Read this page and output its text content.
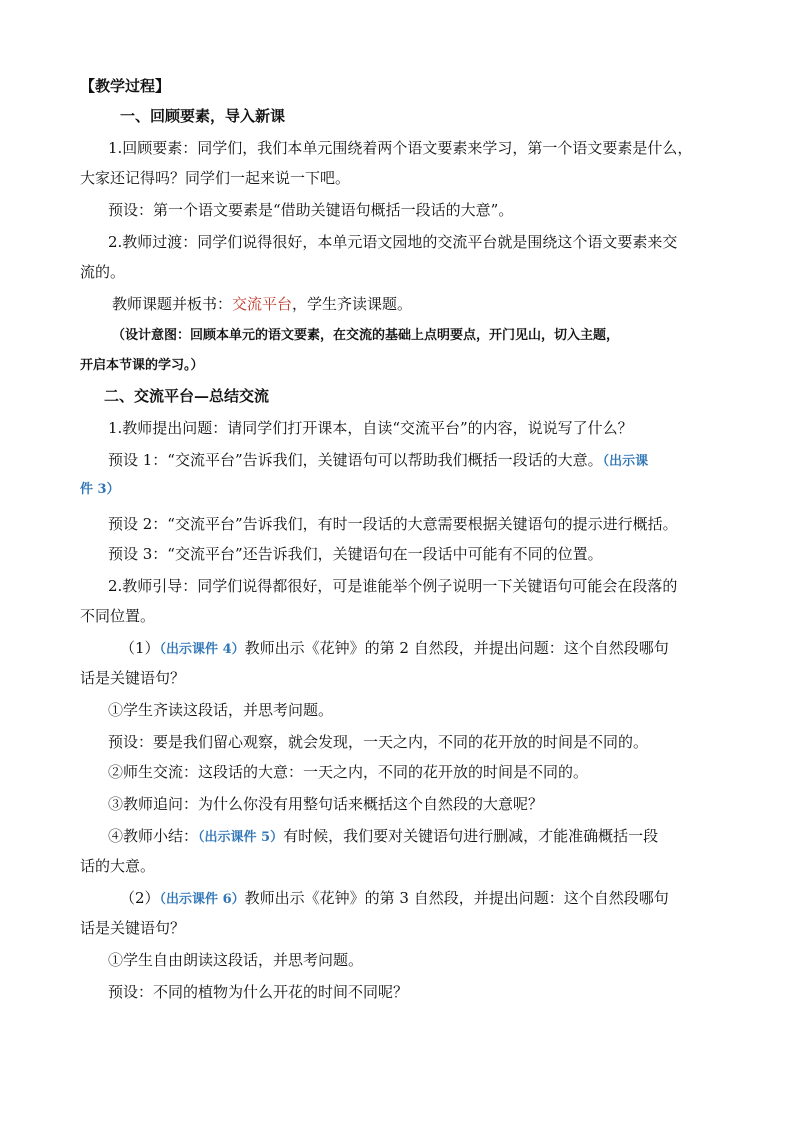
【教学过程】
一、回顾要素，导入新课
1.回顾要素：同学们，我们本单元围绕着两个语文要素来学习，第一个语文要素是什么，
大家还记得吗？同学们一起来说一下吧。
预设：第一个语文要素是“借助关键语句概括一段话的大意”。
2.教师过渡：同学们说得很好，本单元语文园地的交流平台就是围绕这个语文要素来交
流的。
教师课题并板书：交流平台，学生齐读课题。
（设计意图：回顾本单元的语文要素，在交流的基础上点明要点，开门见山，切入主题，
开启本节课的学习。）
二、交流平台—总结交流
1.教师提出问题：请同学们打开课本，自读“交流平台”的内容，说说写了什么？
预设 1：“交流平台”告诉我们，关键语句可以帮助我们概括一段话的大意。（出示课
件 3）
预设 2：“交流平台”告诉我们，有时一段话的大意需要根据关键语句的提示进行概括。
预设 3：“交流平台”还告诉我们，关键语句在一段话中可能有不同的位置。
2.教师引导：同学们说得都很好，可是谁能举个例子说明一下关键语句可能会在段落的
不同位置。
（1）（出示课件 4）教师出示《花钟》的第 2 自然段，并提出问题：这个自然段哪句
话是关键语句？
①学生齐读这段话，并思考问题。
预设：要是我们留心观察，就会发现，一天之内，不同的花开放的时间是不同的。
②师生交流：这段话的大意：一天之内，不同的花开放的时间是不同的。
③教师追问：为什么你没有用整句话来概括这个自然段的大意呢？
④教师小结：（出示课件 5）有时候，我们要对关键语句进行删减，才能准确概括一段
话的大意。
（2）（出示课件 6）教师出示《花钟》的第 3 自然段，并提出问题：这个自然段哪句
话是关键语句？
①学生自由朗读这段话，并思考问题。
预设：不同的植物为什么开花的时间不同呢？
